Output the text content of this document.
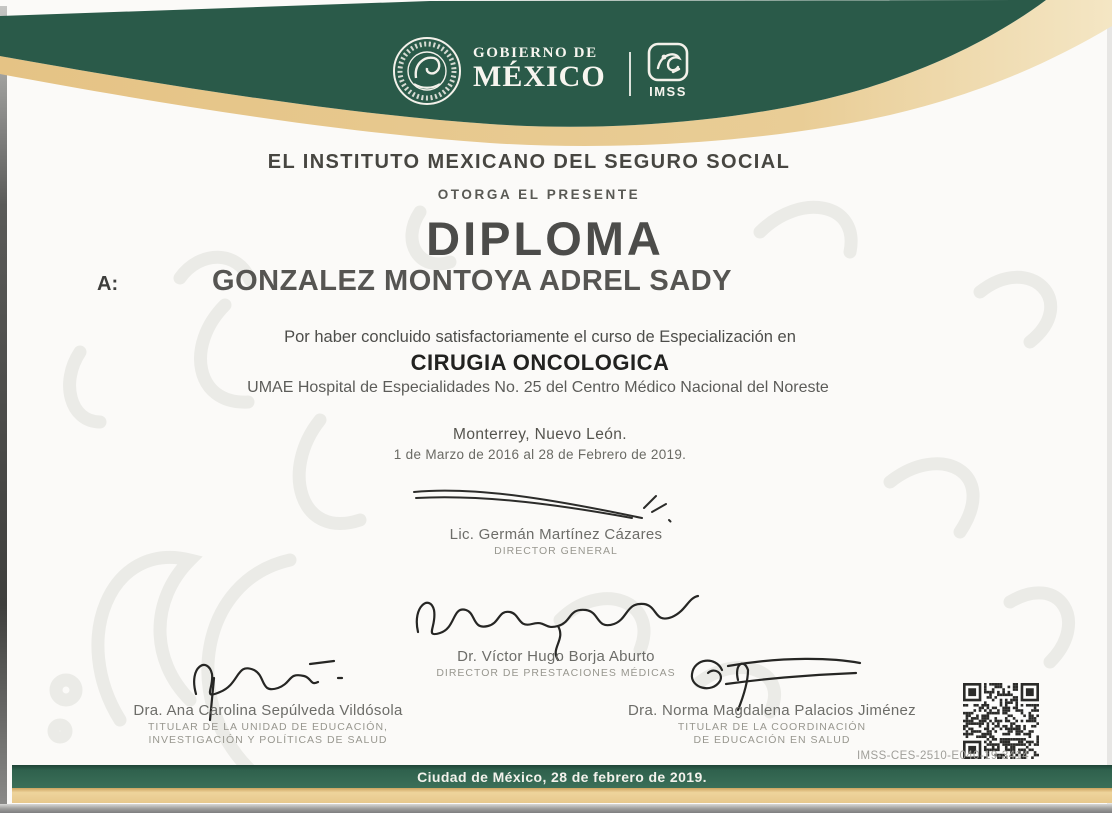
GOBIERNO DE
MÉXICO	IMSS
EL INSTITUTO MEXICANO DEL SEGURO SOCIAL
OTORGA EL PRESENTE
DIPLOMA
A:	GONZALEZ MONTOYA ADREL SADY
Por haber concluido satisfactoriamente el curso de Especialización en
CIRUGIA ONCOLOGICA
UMAE Hospital de Especialidades No. 25 del Centro Médico Nacional del Noreste
Monterrey, Nuevo León.
1 de Marzo de 2016 al 28 de Febrero de 2019.
Lic. Germán Martínez Cázares
DIRECTOR GENERAL
Dr. Víctor Hugo Borja Aburto
DIRECTOR DE PRESTACIONES MÉDICAS
Dra. Ana Carolina Sepúlveda Vildósola
TITULAR DE LA UNIDAD DE EDUCACIÓN,
INVESTIGACIÓN Y POLÍTICAS DE SALUD
Dra. Norma Magdalena Palacios Jiménez
TITULAR DE LA COORDINACIÓN
DE EDUCACIÓN EN SALUD
IMSS-CES-2510-E040-19-3414
Ciudad de México, 28 de febrero de 2019.
